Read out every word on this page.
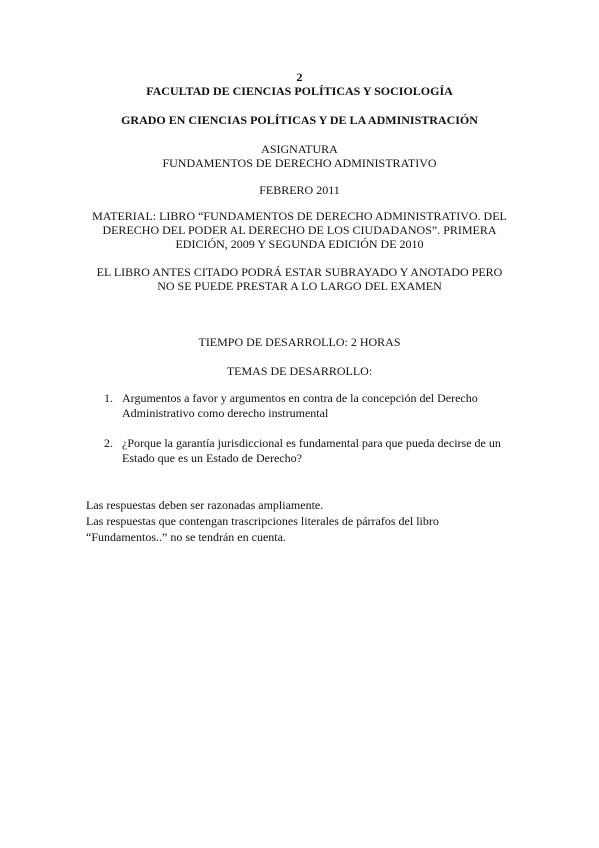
2

FACULTAD DE CIENCIAS POLÍTICAS Y SOCIOLOGÍA

GRADO EN CIENCIAS POLÍTICAS Y DE LA ADMINISTRACIÓN

ASIGNATURA

FUNDAMENTOS DE DERECHO ADMINISTRATIVO

FEBRERO 2011

MATERIAL: LIBRO “FUNDAMENTOS DE DERECHO ADMINISTRATIVO. DEL

DERECHO DEL PODER AL DERECHO DE LOS CIUDADANOS”. PRIMERA

EDICIÓN, 2009 Y SEGUNDA EDICIÓN DE 2010

EL LIBRO ANTES CITADO PODRÁ ESTAR SUBRAYADO Y ANOTADO PERO

NO SE PUEDE PRESTAR A LO LARGO DEL EXAMEN

TIEMPO DE DESARROLLO: 2 HORAS

TEMAS DE DESARROLLO:

1. Argumentos a favor y argumentos en contra de la concepción del Derecho
Administrativo como derecho instrumental
2. ¿Porque la garantía jurisdiccional es fundamental para que pueda decirse de un
Estado que es un Estado de Derecho?

Las respuestas deben ser razonadas ampliamente.

Las respuestas que contengan trascripciones literales de párrafos del libro

“Fundamentos..” no se tendrán en cuenta.
